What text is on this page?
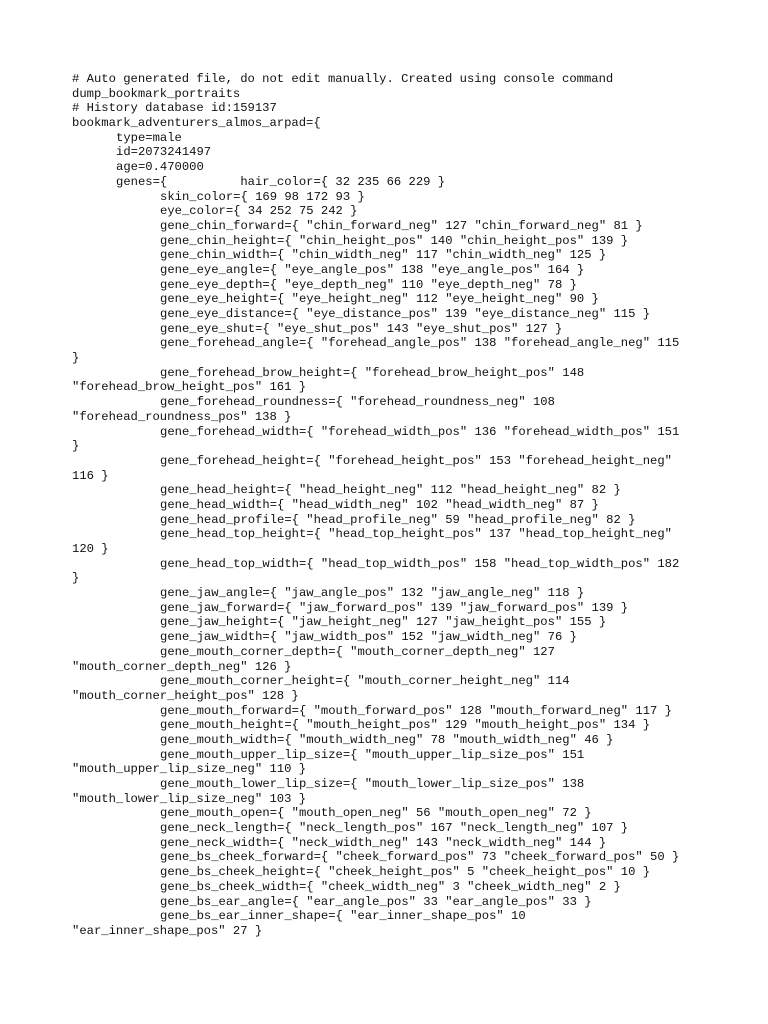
# Auto generated file, do not edit manually. Created using console command
dump_bookmark_portraits
# History database id:159137
bookmark_adventurers_almos_arpad={
type=male
id=2073241497
age=0.470000
genes={          hair_color={ 32 235 66 229 }
skin_color={ 169 98 172 93 }
eye_color={ 34 252 75 242 }
gene_chin_forward={ "chin_forward_neg" 127 "chin_forward_neg" 81 }
gene_chin_height={ "chin_height_pos" 140 "chin_height_pos" 139 }
gene_chin_width={ "chin_width_neg" 117 "chin_width_neg" 125 }
gene_eye_angle={ "eye_angle_pos" 138 "eye_angle_pos" 164 }
gene_eye_depth={ "eye_depth_neg" 110 "eye_depth_neg" 78 }
gene_eye_height={ "eye_height_neg" 112 "eye_height_neg" 90 }
gene_eye_distance={ "eye_distance_pos" 139 "eye_distance_neg" 115 }
gene_eye_shut={ "eye_shut_pos" 143 "eye_shut_pos" 127 }
gene_forehead_angle={ "forehead_angle_pos" 138 "forehead_angle_neg" 115
}
gene_forehead_brow_height={ "forehead_brow_height_pos" 148
"forehead_brow_height_pos" 161 }
gene_forehead_roundness={ "forehead_roundness_neg" 108
"forehead_roundness_pos" 138 }
gene_forehead_width={ "forehead_width_pos" 136 "forehead_width_pos" 151
}
gene_forehead_height={ "forehead_height_pos" 153 "forehead_height_neg"
116 }
gene_head_height={ "head_height_neg" 112 "head_height_neg" 82 }
gene_head_width={ "head_width_neg" 102 "head_width_neg" 87 }
gene_head_profile={ "head_profile_neg" 59 "head_profile_neg" 82 }
gene_head_top_height={ "head_top_height_pos" 137 "head_top_height_neg"
120 }
gene_head_top_width={ "head_top_width_pos" 158 "head_top_width_pos" 182
}
gene_jaw_angle={ "jaw_angle_pos" 132 "jaw_angle_neg" 118 }
gene_jaw_forward={ "jaw_forward_pos" 139 "jaw_forward_pos" 139 }
gene_jaw_height={ "jaw_height_neg" 127 "jaw_height_pos" 155 }
gene_jaw_width={ "jaw_width_pos" 152 "jaw_width_neg" 76 }
gene_mouth_corner_depth={ "mouth_corner_depth_neg" 127
"mouth_corner_depth_neg" 126 }
gene_mouth_corner_height={ "mouth_corner_height_neg" 114
"mouth_corner_height_pos" 128 }
gene_mouth_forward={ "mouth_forward_pos" 128 "mouth_forward_neg" 117 }
gene_mouth_height={ "mouth_height_pos" 129 "mouth_height_pos" 134 }
gene_mouth_width={ "mouth_width_neg" 78 "mouth_width_neg" 46 }
gene_mouth_upper_lip_size={ "mouth_upper_lip_size_pos" 151
"mouth_upper_lip_size_neg" 110 }
gene_mouth_lower_lip_size={ "mouth_lower_lip_size_pos" 138
"mouth_lower_lip_size_neg" 103 }
gene_mouth_open={ "mouth_open_neg" 56 "mouth_open_neg" 72 }
gene_neck_length={ "neck_length_pos" 167 "neck_length_neg" 107 }
gene_neck_width={ "neck_width_neg" 143 "neck_width_neg" 144 }
gene_bs_cheek_forward={ "cheek_forward_pos" 73 "cheek_forward_pos" 50 }
gene_bs_cheek_height={ "cheek_height_pos" 5 "cheek_height_pos" 10 }
gene_bs_cheek_width={ "cheek_width_neg" 3 "cheek_width_neg" 2 }
gene_bs_ear_angle={ "ear_angle_pos" 33 "ear_angle_pos" 33 }
gene_bs_ear_inner_shape={ "ear_inner_shape_pos" 10
"ear_inner_shape_pos" 27 }
